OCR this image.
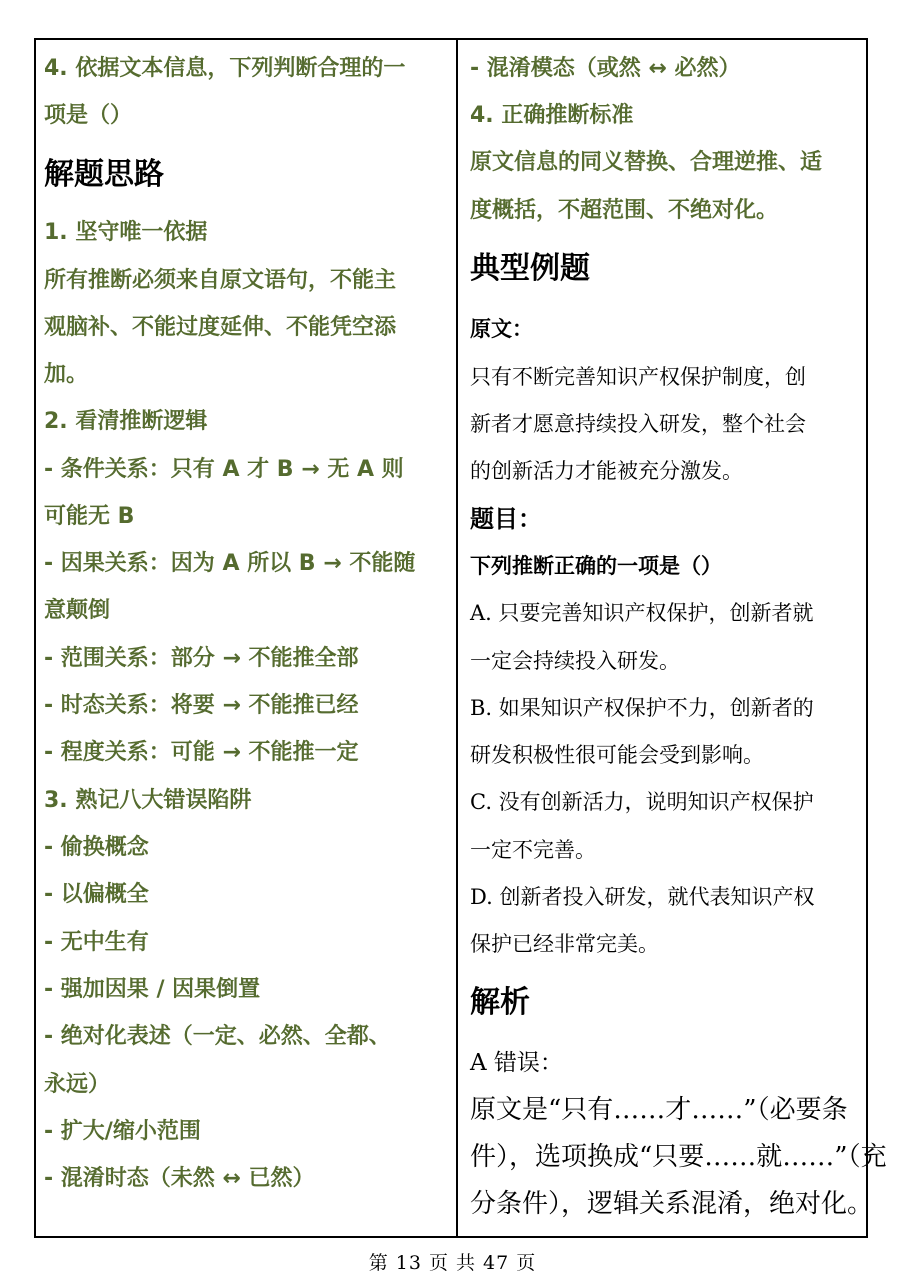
4. 依据文本信息，下列判断合理的一
项是（）
解题思路
1. 坚守唯一依据
所有推断必须来自原文语句，不能主
观脑补、不能过度延伸、不能凭空添
加。
2. 看清推断逻辑
- 条件关系：只有 A 才 B → 无 A 则
可能无 B
- 因果关系：因为 A 所以 B → 不能随
意颠倒
- 范围关系：部分 → 不能推全部
- 时态关系：将要 → 不能推已经
- 程度关系：可能 → 不能推一定
3. 熟记八大错误陷阱
- 偷换概念
- 以偏概全
- 无中生有
- 强加因果 / 因果倒置
- 绝对化表述（一定、必然、全都、
永远）
- 扩大/缩小范围
- 混淆时态（未然 ↔ 已然）
- 混淆模态（或然 ↔ 必然）
4. 正确推断标准
原文信息的同义替换、合理逆推、适
度概括，不超范围、不绝对化。
典型例题
原文：
只有不断完善知识产权保护制度，创
新者才愿意持续投入研发，整个社会
的创新活力才能被充分激发。
题目：
下列推断正确的一项是（）
A. 只要完善知识产权保护，创新者就
一定会持续投入研发。
B. 如果知识产权保护不力，创新者的
研发积极性很可能会受到影响。
C. 没有创新活力，说明知识产权保护
一定不完善。
D. 创新者投入研发，就代表知识产权
保护已经非常完美。
解析
A 错误：
原文是“只有……才……”（必要条
件），选项换成“只要……就……”（充
分条件），逻辑关系混淆，绝对化。
第 13 页 共 47 页
